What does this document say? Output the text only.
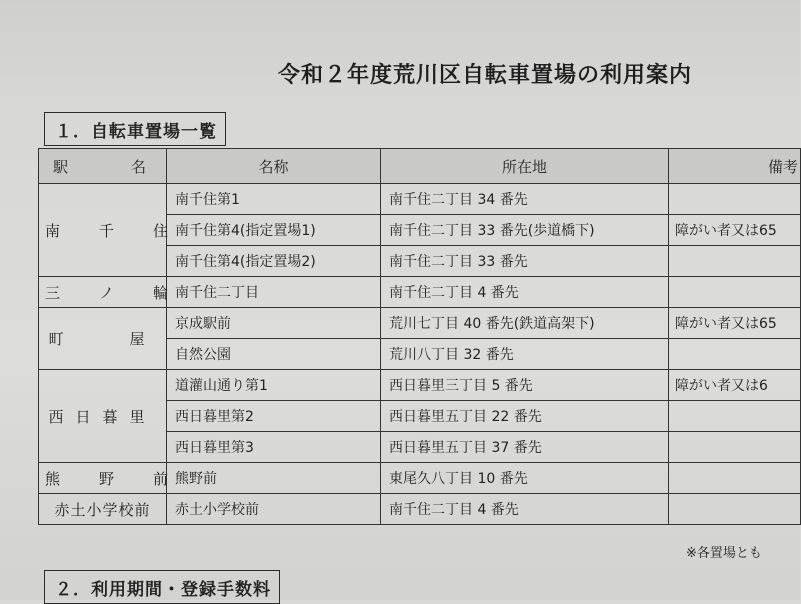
令和２年度荒川区自転車置場の利用案内
１．自転車置場一覧
駅 名	名称	所在地	備考
南　千　住	南千住第1	南千住二丁目 34 番先	
	南千住第4(指定置場1)	南千住二丁目 33 番先(歩道橋下)	障がい者又は65
	南千住第4(指定置場2)	南千住二丁目 33 番先	
三　ノ　輪	南千住二丁目	南千住二丁目 4 番先	
町　　屋	京成駅前	荒川七丁目 40 番先(鉄道高架下)	障がい者又は65
	自然公園	荒川八丁目 32 番先	
西日暮里	道灌山通り第1	西日暮里三丁目 5 番先	障がい者又は6
	西日暮里第2	西日暮里五丁目 22 番先	
	西日暮里第3	西日暮里五丁目 37 番先	
熊　野　前	熊野前	東尾久八丁目 10 番先	
赤土小学校前	赤土小学校前	南千住二丁目 4 番先	
※各置場とも
２．利用期間・登録手数料
